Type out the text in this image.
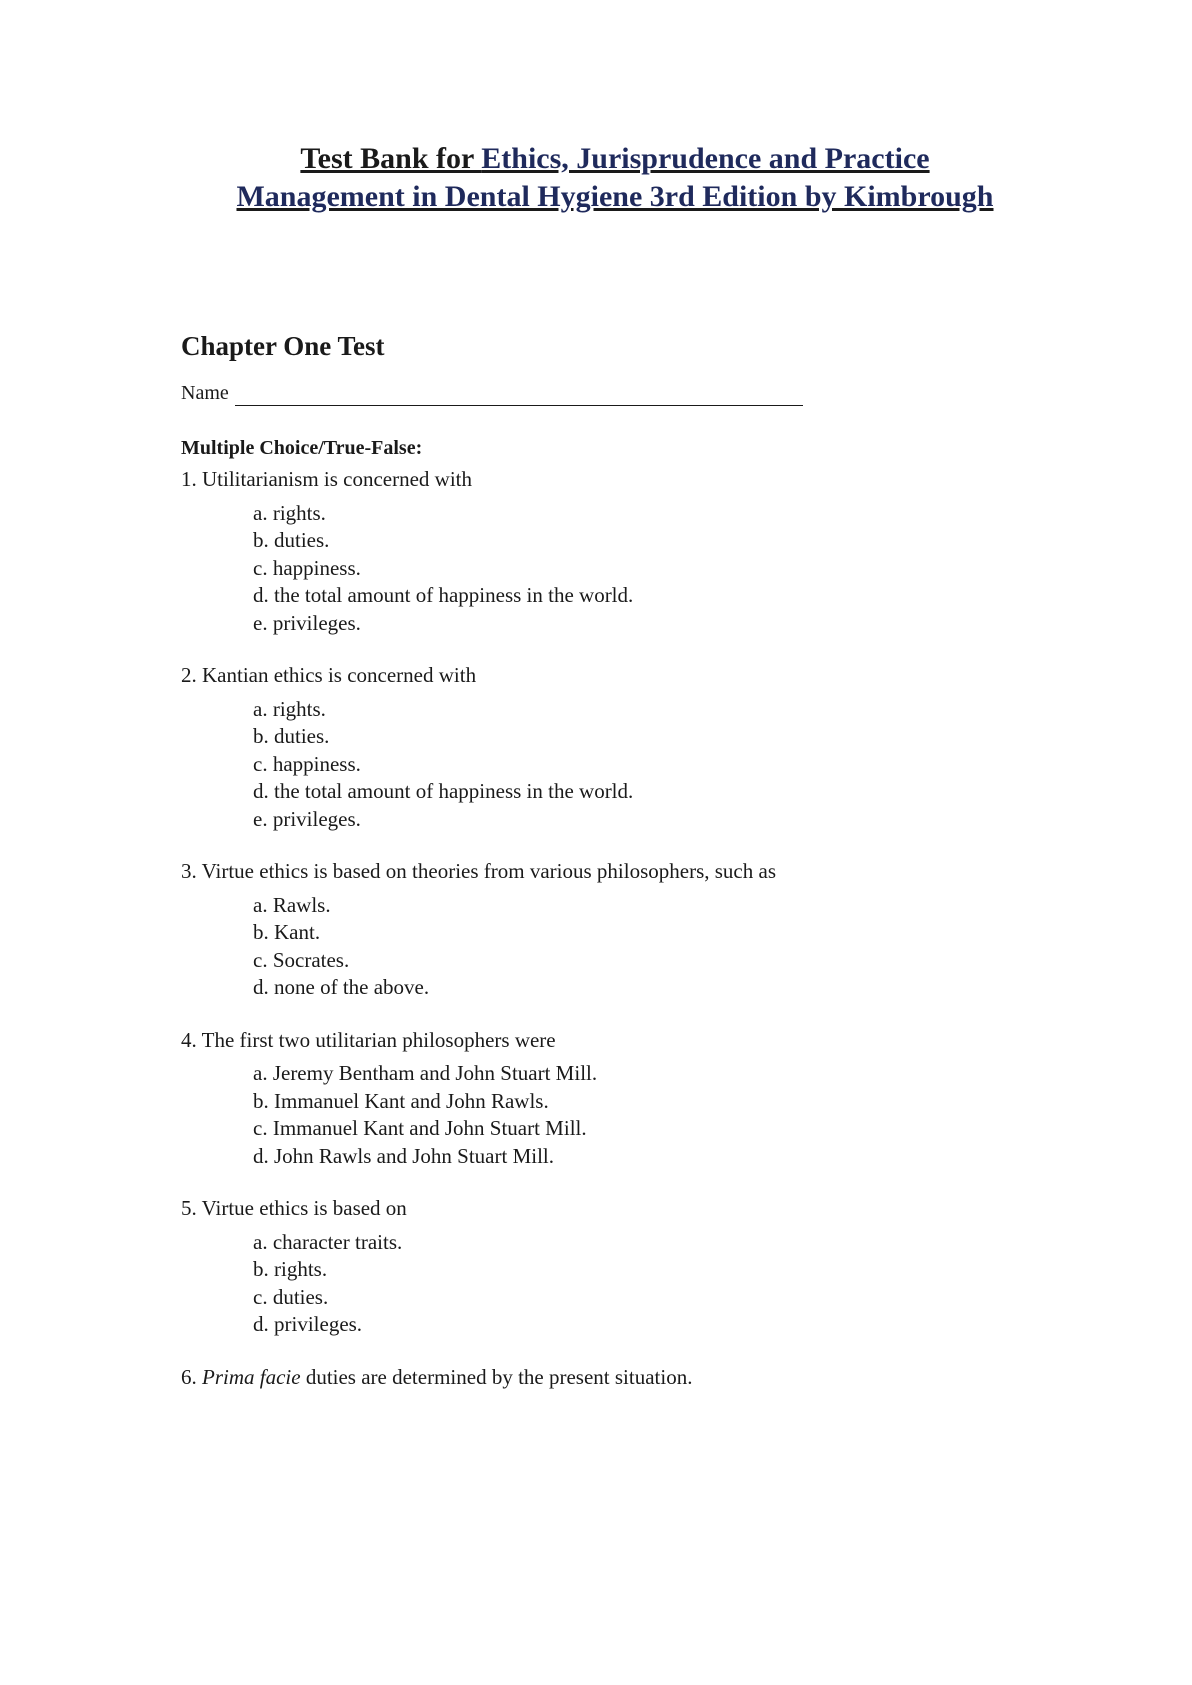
Test Bank for Ethics, Jurisprudence and Practice
Management in Dental Hygiene 3rd Edition by Kimbrough
Chapter One Test
Name
Multiple Choice/True-False:

1. Utilitarianism is concerned with

a. rights.
b. duties.
c. happiness.
d. the total amount of happiness in the world.
e. privileges.

2. Kantian ethics is concerned with

a. rights.
b. duties.
c. happiness.
d. the total amount of happiness in the world.
e. privileges.

3. Virtue ethics is based on theories from various philosophers, such as

a. Rawls.
b. Kant.
c. Socrates.
d. none of the above.

4. The first two utilitarian philosophers were

a. Jeremy Bentham and John Stuart Mill.
b. Immanuel Kant and John Rawls.
c. Immanuel Kant and John Stuart Mill.
d. John Rawls and John Stuart Mill.

5. Virtue ethics is based on

a. character traits.
b. rights.
c. duties.
d. privileges.

6. Prima facie duties are determined by the present situation.
